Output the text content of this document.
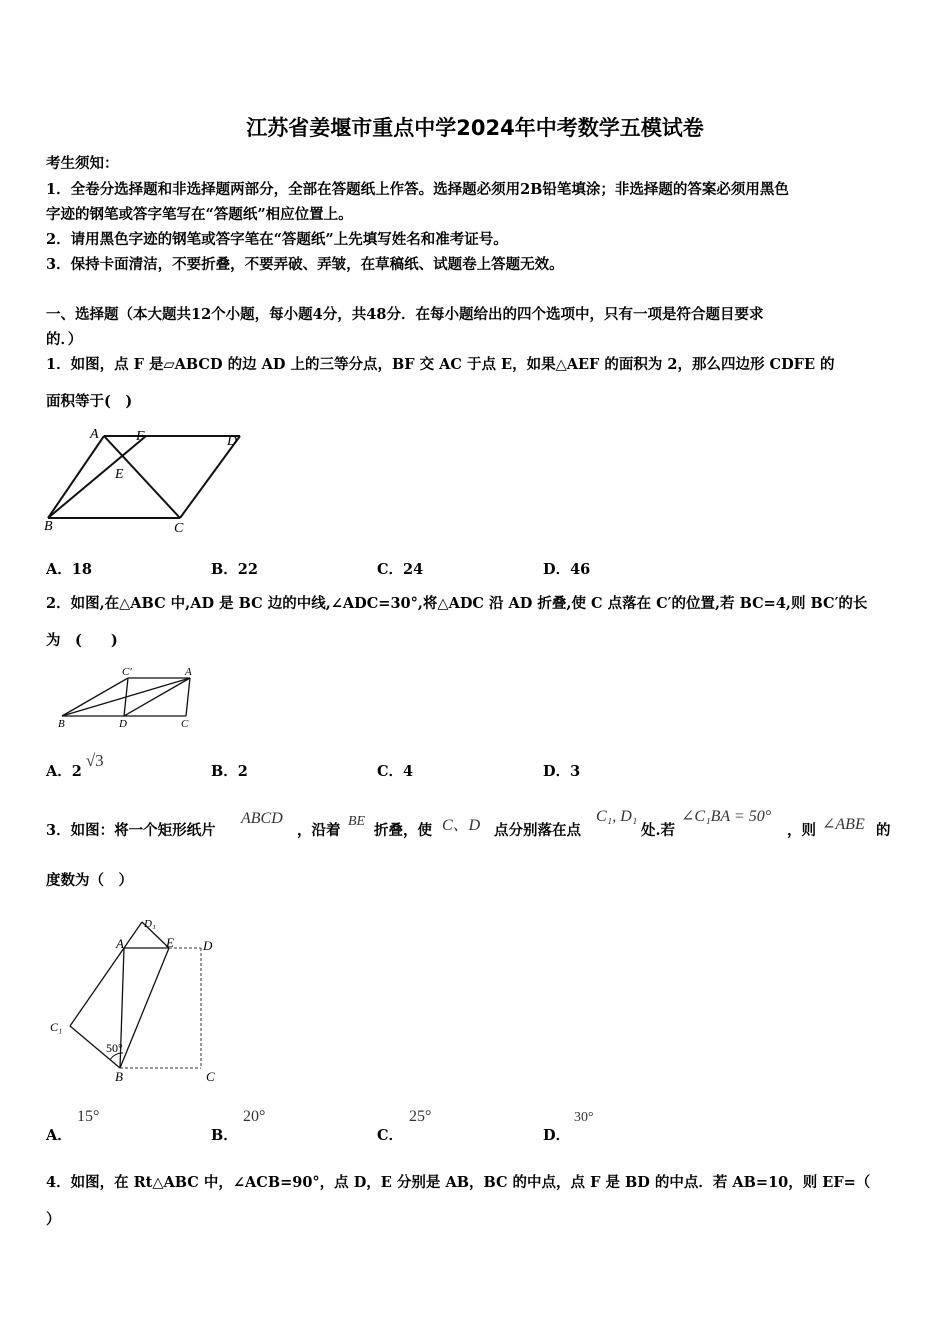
江苏省姜堰市重点中学2024年中考数学五模试卷
考生须知：
1．全卷分选择题和非选择题两部分，全部在答题纸上作答。选择题必须用2B铅笔填涂；非选择题的答案必须用黑色
字迹的钢笔或答字笔写在“答题纸”相应位置上。
2．请用黑色字迹的钢笔或答字笔在“答题纸”上先填写姓名和准考证号。
3．保持卡面清洁，不要折叠，不要弄破、弄皱，在草稿纸、试题卷上答题无效。
一、选择题（本大题共12个小题，每小题4分，共48分．在每小题给出的四个选项中，只有一项是符合题目要求
的．）
1．如图，点 F 是▱ABCD 的边 AD 上的三等分点，BF 交 AC 于点 E，如果△AEF 的面积为 2，那么四边形 CDFE 的
面积等于(　)
A	F	D
E
B	C
A．18	B．22	C．24	D．46
2．如图,在△ABC 中,AD 是 BC 边的中线,∠ADC=30°,将△ADC 沿 AD 折叠,使 C 点落在 C′的位置,若 BC=4,则 BC′的长
为　(　　)
C′	A
B	D	C
A．2√3
B．2	C．4	D．3
3．如图：将一个矩形纸片
ABCD
，沿着
BE
折叠，使 C、D 点分别落在点
C₁, D₁
处.若
∠C₁BA = 50°
，则 ∠ABE 的
度数为（　）
D₁
A	E D
C₁
50°
B	C
A．
15°
B．
20°
C．
25°
D．
30°
4．如图，在 Rt△ABC 中，∠ACB=90°，点 D，E 分别是 AB，BC 的中点，点 F 是 BD 的中点．若 AB=10，则 EF=（
）
